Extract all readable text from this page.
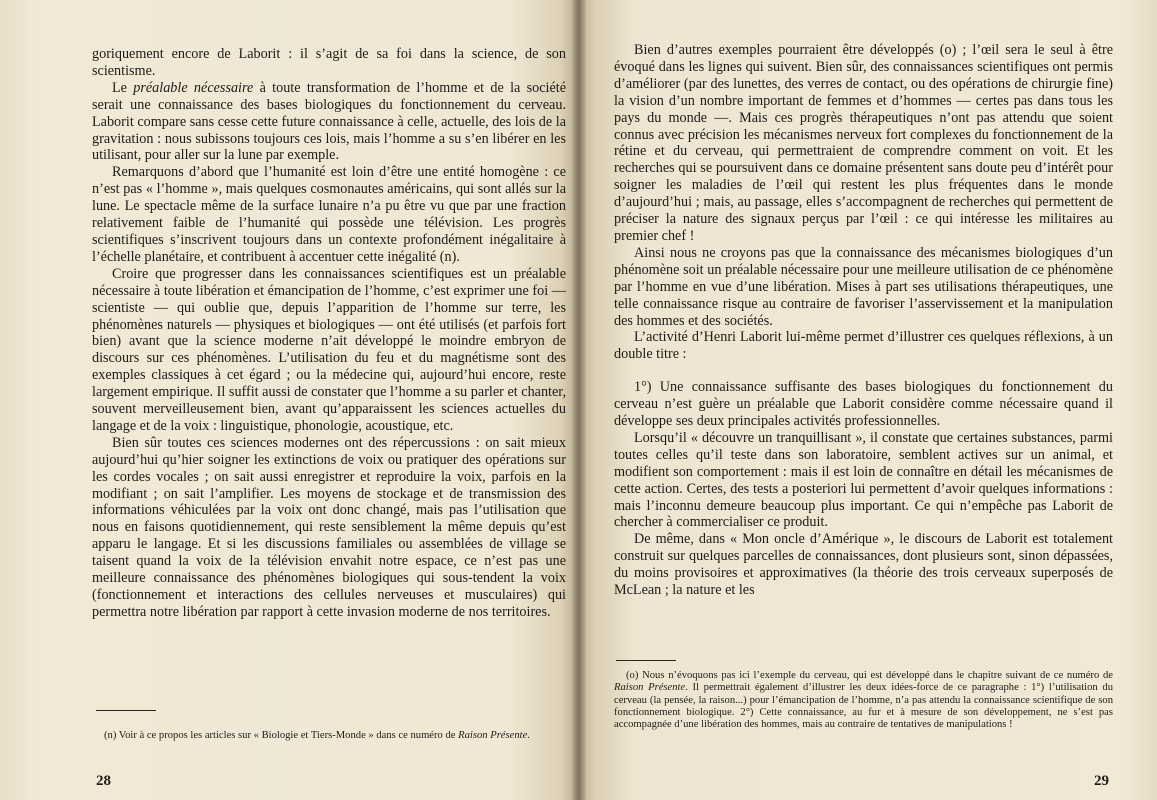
goriquement encore de Laborit : il s’agit de sa foi dans la science, de son scientisme.

Le préalable nécessaire à toute transformation de l’homme et de la société serait une connaissance des bases biologiques du fonctionnement du cerveau. Laborit compare sans cesse cette future connaissance à celle, actuelle, des lois de la gravitation : nous subissons toujours ces lois, mais l’homme a su s’en libérer en les utilisant, pour aller sur la lune par exemple.

Remarquons d’abord que l’humanité est loin d’être une entité homogène : ce n’est pas « l’homme », mais quelques cosmonautes américains, qui sont allés sur la lune. Le spectacle même de la surface lunaire n’a pu être vu que par une fraction relativement faible de l’humanité qui possède une télévision. Les progrès scientifiques s’inscrivent toujours dans un contexte profondément inégalitaire à l’échelle planétaire, et contribuent à accentuer cette inégalité (n).

Croire que progresser dans les connaissances scientifiques est un préalable nécessaire à toute libération et émancipation de l’homme, c’est exprimer une foi — scientiste — qui oublie que, depuis l’apparition de l’homme sur terre, les phénomènes naturels — physiques et biologiques — ont été utilisés (et parfois fort bien) avant que la science moderne n’ait développé le moindre embryon de discours sur ces phénomènes. L’utilisation du feu et du magnétisme sont des exemples classiques à cet égard ; ou la médecine qui, aujourd’hui encore, reste largement empirique. Il suffit aussi de constater que l’homme a su parler et chanter, souvent merveilleusement bien, avant qu’apparaissent les sciences actuelles du langage et de la voix : linguistique, phonologie, acoustique, etc.

Bien sûr toutes ces sciences modernes ont des répercussions : on sait mieux aujourd’hui qu’hier soigner les extinctions de voix ou pratiquer des opérations sur les cordes vocales ; on sait aussi enregistrer et reproduire la voix, parfois en la modifiant ; on sait l’amplifier. Les moyens de stockage et de transmission des informations véhiculées par la voix ont donc changé, mais pas l’utilisation que nous en faisons quotidiennement, qui reste sensiblement la même depuis qu’est apparu le langage. Et si les discussions familiales ou assemblées de village se taisent quand la voix de la télévision envahit notre espace, ce n’est pas une meilleure connaissance des phénomènes biologiques qui sous-tendent la voix (fonctionnement et interactions des cellules nerveuses et musculaires) qui permettra notre libération par rapport à cette invasion moderne de nos territoires.

(n) Voir à ce propos les articles sur « Biologie et Tiers-Monde » dans ce numéro de Raison Présente.

28

Bien d’autres exemples pourraient être développés (o) ; l’œil sera le seul à être évoqué dans les lignes qui suivent. Bien sûr, des connaissances scientifiques ont permis d’améliorer (par des lunettes, des verres de contact, ou des opérations de chirurgie fine) la vision d’un nombre important de femmes et d’hommes — certes pas dans tous les pays du monde —. Mais ces progrès thérapeutiques n’ont pas attendu que soient connus avec précision les mécanismes nerveux fort complexes du fonctionnement de la rétine et du cerveau, qui permettraient de comprendre comment on voit. Et les recherches qui se poursuivent dans ce domaine présentent sans doute peu d’intérêt pour soigner les maladies de l’œil qui restent les plus fréquentes dans le monde d’aujourd’hui ; mais, au passage, elles s’accompagnent de recherches qui permettent de préciser la nature des signaux perçus par l’œil : ce qui intéresse les militaires au premier chef !

Ainsi nous ne croyons pas que la connaissance des mécanismes biologiques d’un phénomène soit un préalable nécessaire pour une meilleure utilisation de ce phénomène par l’homme en vue d’une libération. Mises à part ses utilisations thérapeutiques, une telle connaissance risque au contraire de favoriser l’asservissement et la manipulation des hommes et des sociétés.

L’activité d’Henri Laborit lui-même permet d’illustrer ces quelques réflexions, à un double titre :

1°) Une connaissance suffisante des bases biologiques du fonctionnement du cerveau n’est guère un préalable que Laborit considère comme nécessaire quand il développe ses deux principales activités professionnelles.

Lorsqu’il « découvre un tranquillisant », il constate que certaines substances, parmi toutes celles qu’il teste dans son laboratoire, semblent actives sur un animal, et modifient son comportement : mais il est loin de connaître en détail les mécanismes de cette action. Certes, des tests a posteriori lui permettent d’avoir quelques informations : mais l’inconnu demeure beaucoup plus important. Ce qui n’empêche pas Laborit de chercher à commercialiser ce produit.

De même, dans « Mon oncle d’Amérique », le discours de Laborit est totalement construit sur quelques parcelles de connaissances, dont plusieurs sont, sinon dépassées, du moins provisoires et approximatives (la théorie des trois cerveaux superposés de McLean ; la nature et les

(o) Nous n’évoquons pas ici l’exemple du cerveau, qui est développé dans le chapitre suivant de ce numéro de Raison Présente. Il permettrait également d’illustrer les deux idées-force de ce paragraphe : 1°) l’utilisation du cerveau (la pensée, la raison...) pour l’émancipation de l’homme, n’a pas attendu la connaissance scientifique de son fonctionnement biologique. 2°) Cette connaissance, au fur et à mesure de son développement, ne s’est pas accompagnée d’une libération des hommes, mais au contraire de tentatives de manipulations !

29
